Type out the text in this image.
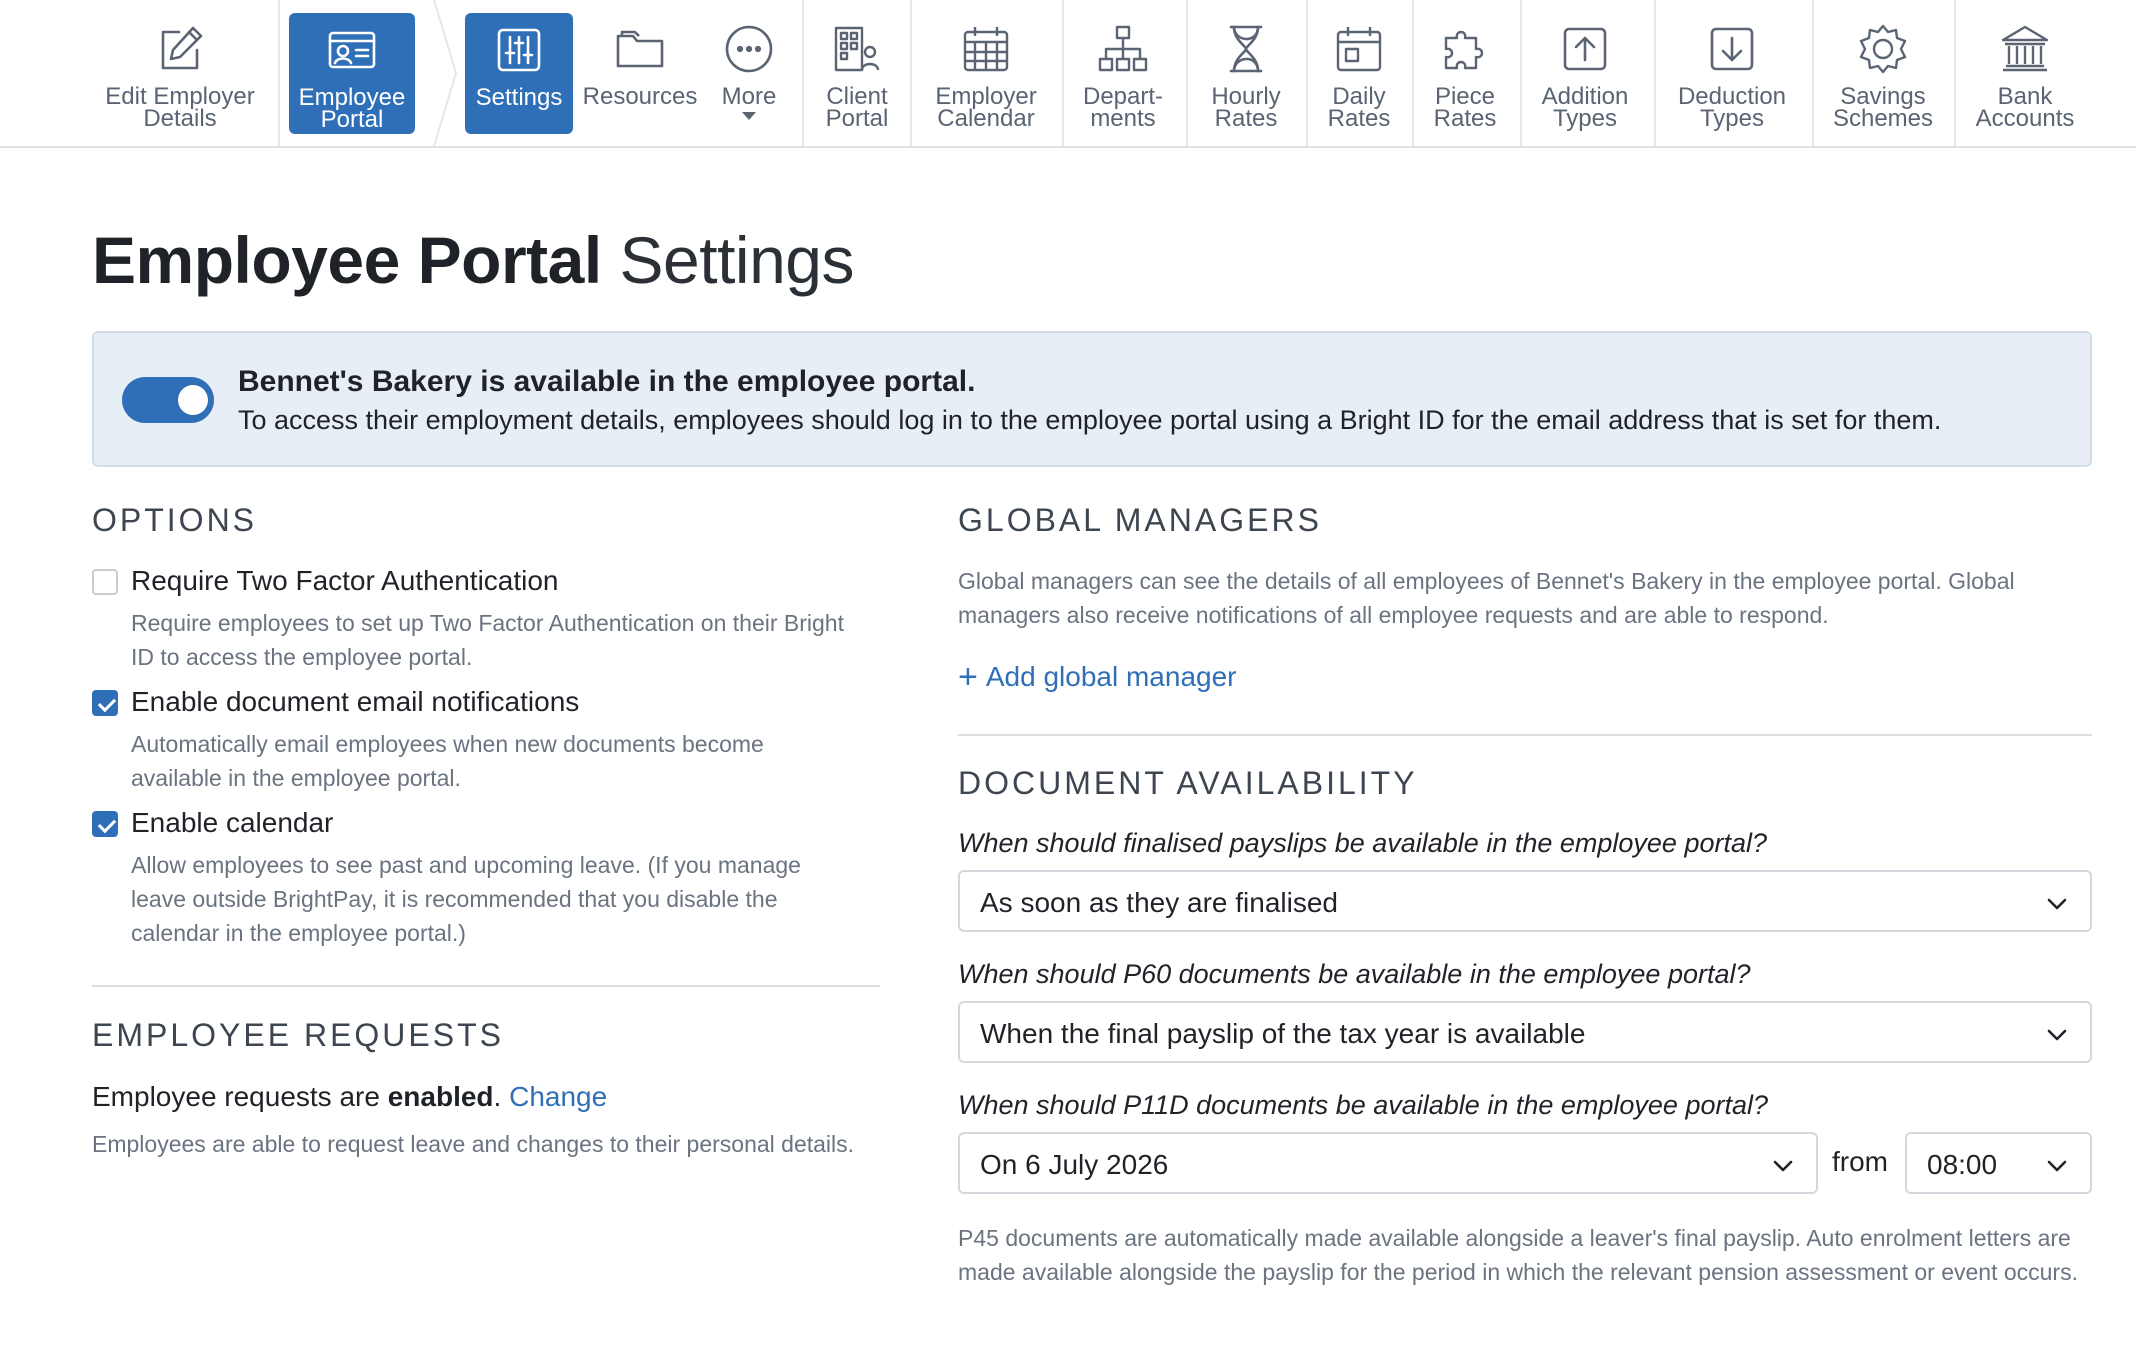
Edit Employer
Details
Employee
Portal
Settings Resources More Client
Portal
Employer
Calendar
Depart-
ments
Hourly
Rates
Daily
Rates
Piece
Rates
Addition
Types
Deduction
Types
Savings
Schemes
Bank
Accounts
Employee Portal Settings
Bennet's Bakery is available in the employee portal.
To access their employment details, employees should log in to the employee portal using a Bright ID for the email address that is set for them.
OPTIONS
Require Two Factor Authentication
Require employees to set up Two Factor Authentication on their Bright ID to access the employee portal.
Enable document email notifications
Automatically email employees when new documents become available in the employee portal.
Enable calendar
Allow employees to see past and upcoming leave. (If you manage leave outside BrightPay, it is recommended that you disable the calendar in the employee portal.)
EMPLOYEE REQUESTS
Employee requests are enabled. Change
Employees are able to request leave and changes to their personal details.
GLOBAL MANAGERS
Global managers can see the details of all employees of Bennet's Bakery in the employee portal. Global managers also receive notifications of all employee requests and are able to respond.
+ Add global manager
DOCUMENT AVAILABILITY
When should finalised payslips be available in the employee portal?
As soon as they are finalised
When should P60 documents be available in the employee portal?
When the final payslip of the tax year is available
When should P11D documents be available in the employee portal?
On 6 July 2026	from 08:00
P45 documents are automatically made available alongside a leaver's final payslip. Auto enrolment letters are made available alongside the payslip for the period in which the relevant pension assessment or event occurs.
